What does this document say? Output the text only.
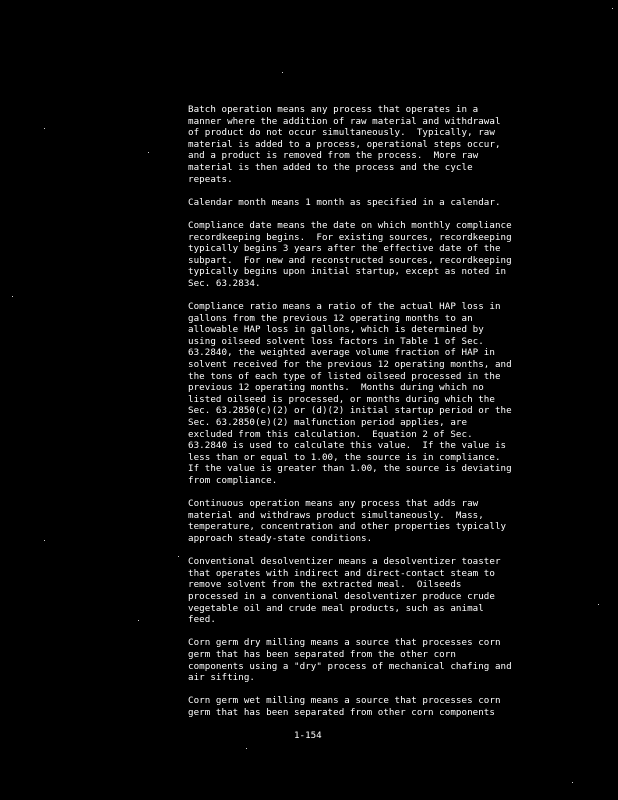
Batch operation means any process that operates in a
manner where the addition of raw material and withdrawal
of product do not occur simultaneously.  Typically, raw
material is added to a process, operational steps occur,
and a product is removed from the process.  More raw
material is then added to the process and the cycle
repeats.

Calendar month means 1 month as specified in a calendar.

Compliance date means the date on which monthly compliance
recordkeeping begins.  For existing sources, recordkeeping
typically begins 3 years after the effective date of the
subpart.  For new and reconstructed sources, recordkeeping
typically begins upon initial startup, except as noted in
Sec. 63.2834.

Compliance ratio means a ratio of the actual HAP loss in
gallons from the previous 12 operating months to an
allowable HAP loss in gallons, which is determined by
using oilseed solvent loss factors in Table 1 of Sec.
63.2840, the weighted average volume fraction of HAP in
solvent received for the previous 12 operating months, and
the tons of each type of listed oilseed processed in the
previous 12 operating months.  Months during which no
listed oilseed is processed, or months during which the
Sec. 63.2850(c)(2) or (d)(2) initial startup period or the
Sec. 63.2850(e)(2) malfunction period applies, are
excluded from this calculation.  Equation 2 of Sec.
63.2840 is used to calculate this value.  If the value is
less than or equal to 1.00, the source is in compliance.
If the value is greater than 1.00, the source is deviating
from compliance.

Continuous operation means any process that adds raw
material and withdraws product simultaneously.  Mass,
temperature, concentration and other properties typically
approach steady-state conditions.

Conventional desolventizer means a desolventizer toaster
that operates with indirect and direct-contact steam to
remove solvent from the extracted meal.  Oilseeds
processed in a conventional desolventizer produce crude
vegetable oil and crude meal products, such as animal
feed.

Corn germ dry milling means a source that processes corn
germ that has been separated from the other corn
components using a "dry" process of mechanical chafing and
air sifting.

Corn germ wet milling means a source that processes corn
germ that has been separated from other corn components

1-154
